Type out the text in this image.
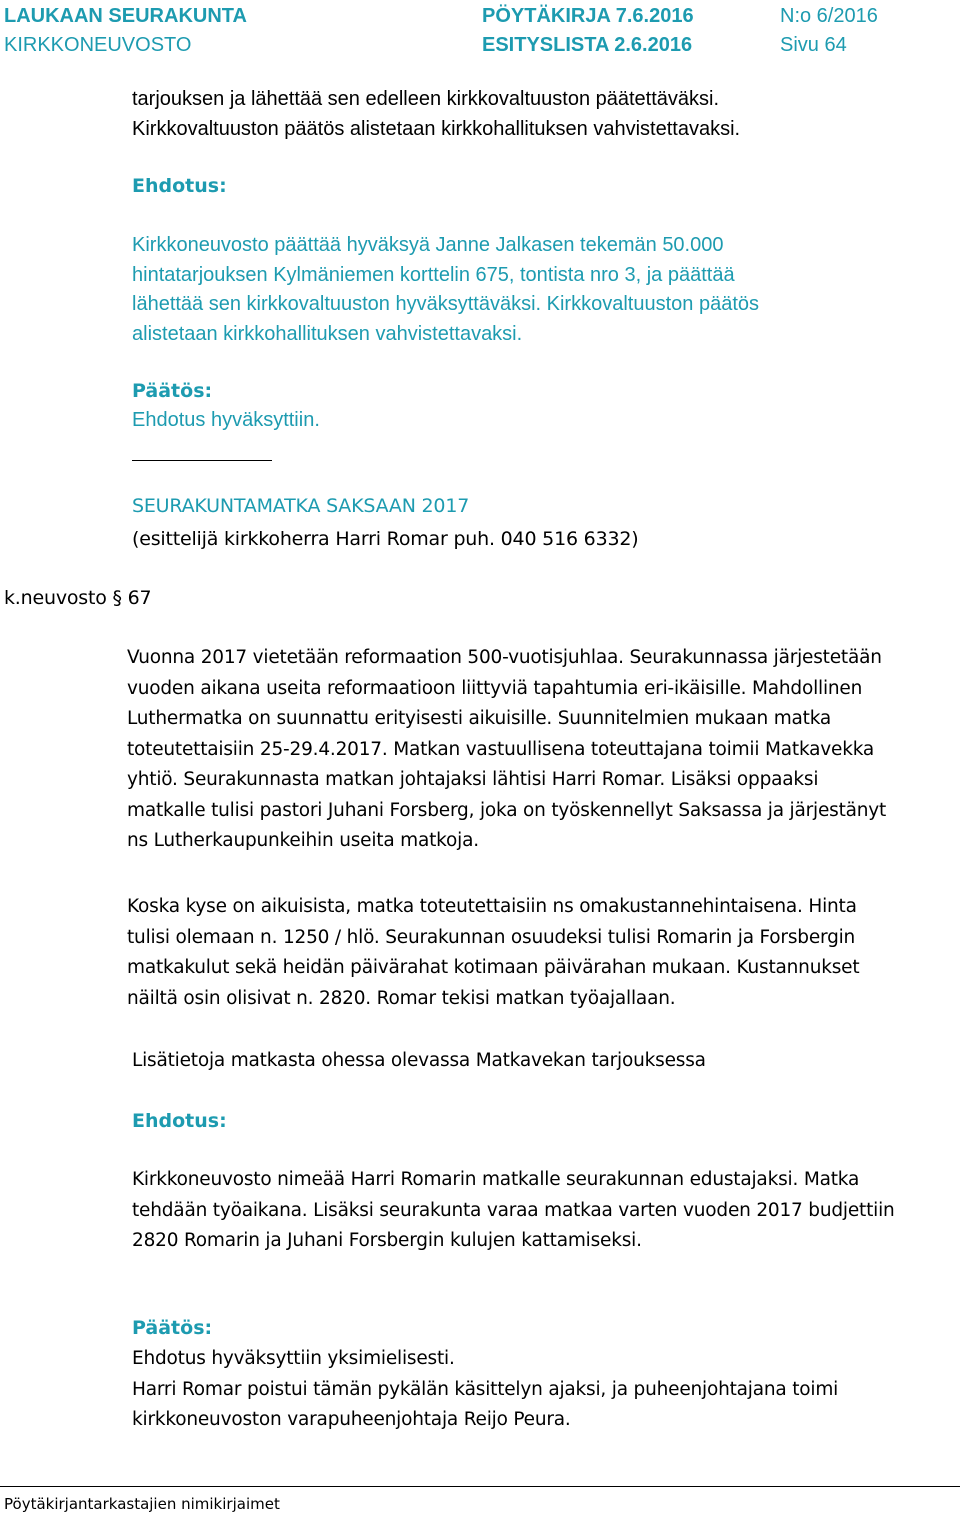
LAUKAAN SEURAKUNTA
KIRKKONEUVOSTO
PÖYTÄKIRJA 7.6.2016
ESITYSLISTA 2.6.2016
N:o 6/2016
Sivu 64
tarjouksen ja lähettää sen edelleen kirkkovaltuuston päätettäväksi.
Kirkkovaltuuston päätös alistetaan kirkkohallituksen vahvistettavaksi.
Ehdotus:
Kirkkoneuvosto päättää hyväksyä Janne Jalkasen tekemän 50.000
hintatarjouksen Kylmäniemen korttelin 675, tontista nro 3, ja päättää
lähettää sen kirkkovaltuuston hyväksyttäväksi. Kirkkovaltuuston päätös
alistetaan kirkkohallituksen vahvistettavaksi.
Päätös:
Ehdotus hyväksyttiin.
SEURAKUNTAMATKA SAKSAAN 2017
(esittelijä kirkkoherra Harri Romar puh. 040 516 6332)
k.neuvosto § 67
Vuonna 2017 vietetään reformaation 500-vuotisjuhlaa. Seurakunnassa järjestetään
vuoden aikana useita reformaatioon liittyviä tapahtumia eri-ikäisille. Mahdollinen
Luthermatka on suunnattu erityisesti aikuisille. Suunnitelmien mukaan matka
toteutettaisiin 25-29.4.2017. Matkan vastuullisena toteuttajana toimii Matkavekka
yhtiö. Seurakunnasta matkan johtajaksi lähtisi Harri Romar. Lisäksi oppaaksi
matkalle tulisi pastori Juhani Forsberg, joka on työskennellyt Saksassa ja järjestänyt
ns Lutherkaupunkeihin useita matkoja.
Koska kyse on aikuisista, matka toteutettaisiin ns omakustannehintaisena. Hinta
tulisi olemaan n. 1250 / hlö. Seurakunnan osuudeksi tulisi Romarin ja Forsbergin
matkakulut sekä heidän päivärahat kotimaan päivärahan mukaan. Kustannukset
näiltä osin olisivat n. 2820. Romar tekisi matkan työajallaan.
Lisätietoja matkasta ohessa olevassa Matkavekan tarjouksessa
Ehdotus:
Kirkkoneuvosto nimeää Harri Romarin matkalle seurakunnan edustajaksi. Matka
tehdään työaikana. Lisäksi seurakunta varaa matkaa varten vuoden 2017 budjettiin
2820 Romarin ja Juhani Forsbergin kulujen kattamiseksi.
Päätös:
Ehdotus hyväksyttiin yksimielisesti.
Harri Romar poistui tämän pykälän käsittelyn ajaksi, ja puheenjohtajana toimi
kirkkoneuvoston varapuheenjohtaja Reijo Peura.
Pöytäkirjantarkastajien nimikirjaimet
